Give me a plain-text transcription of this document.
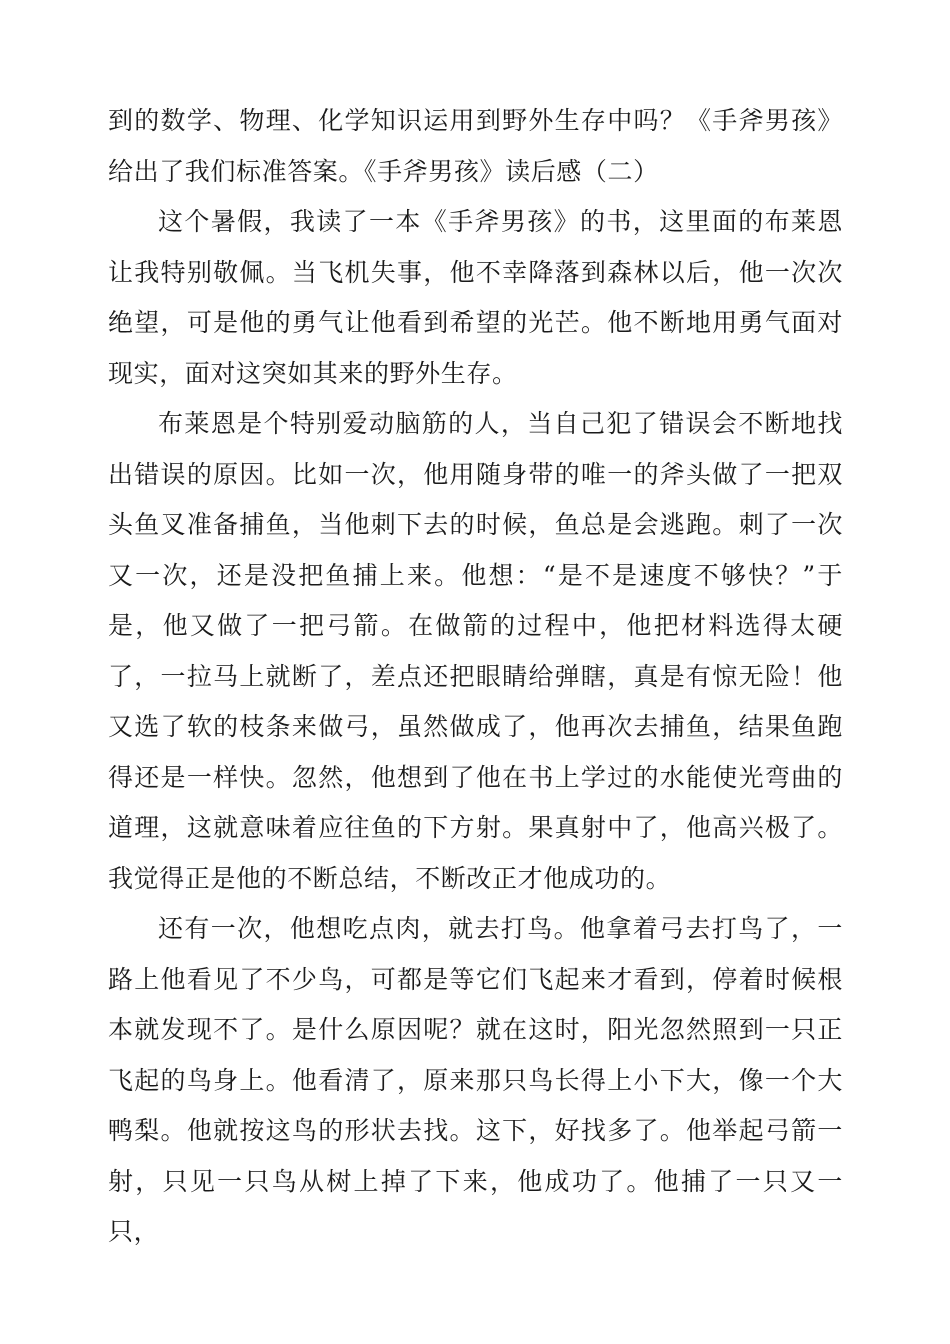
到的数学、物理、化学知识运用到野外生存中吗？《手斧男孩》给出了我们标准答案。《手斧男孩》读后感（二）

这个暑假，我读了一本《手斧男孩》的书，这里面的布莱恩让我特别敬佩。当飞机失事，他不幸降落到森林以后，他一次次绝望，可是他的勇气让他看到希望的光芒。他不断地用勇气面对现实，面对这突如其来的野外生存。

布莱恩是个特别爱动脑筋的人，当自己犯了错误会不断地找出错误的原因。比如一次，他用随身带的唯一的斧头做了一把双头鱼叉准备捕鱼，当他刺下去的时候，鱼总是会逃跑。刺了一次又一次，还是没把鱼捕上来。他想：“是不是速度不够快？”于是，他又做了一把弓箭。在做箭的过程中，他把材料选得太硬了，一拉马上就断了，差点还把眼睛给弹瞎，真是有惊无险！他又选了软的枝条来做弓，虽然做成了，他再次去捕鱼，结果鱼跑得还是一样快。忽然，他想到了他在书上学过的水能使光弯曲的道理，这就意味着应往鱼的下方射。果真射中了，他高兴极了。我觉得正是他的不断总结，不断改正才他成功的。

还有一次，他想吃点肉，就去打鸟。他拿着弓去打鸟了，一路上他看见了不少鸟，可都是等它们飞起来才看到，停着时候根本就发现不了。是什么原因呢？就在这时，阳光忽然照到一只正飞起的鸟身上。他看清了，原来那只鸟长得上小下大，像一个大鸭梨。他就按这鸟的形状去找。这下，好找多了。他举起弓箭一射，只见一只鸟从树上掉了下来，他成功了。他捕了一只又一只，
